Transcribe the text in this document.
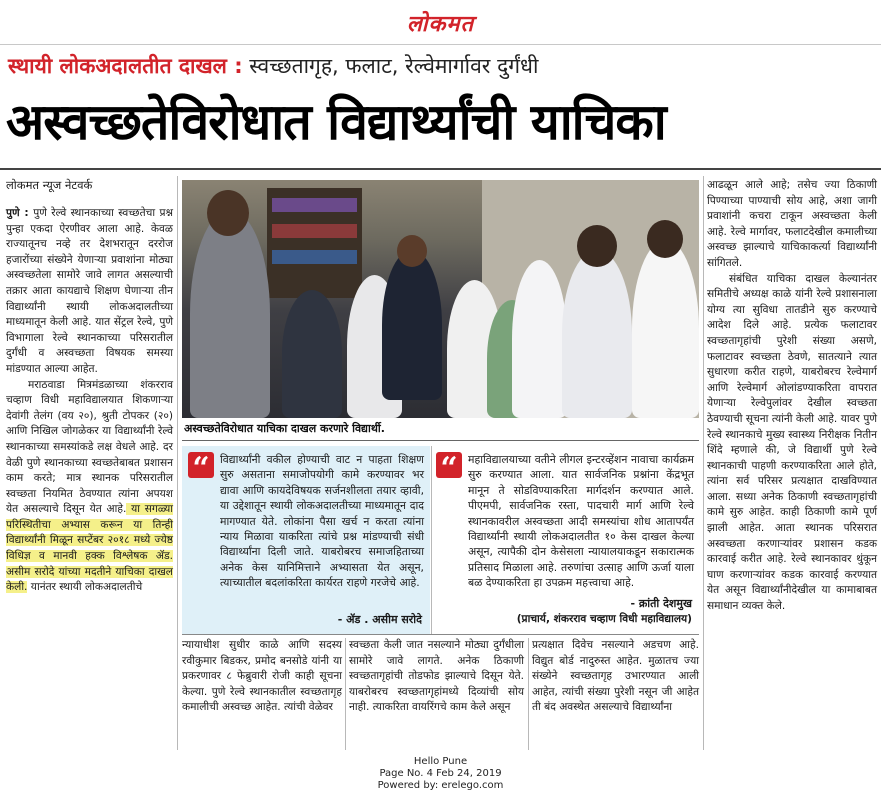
लोकमत
स्थायी लोकअदालतीत दाखल : स्वच्छतागृह, फलाट, रेल्वेमार्गावर दुर्गंधी
अस्वच्छतेविरोधात विद्यार्थ्यांची याचिका
लोकमत न्यूज नेटवर्क

पुणे : पुणे रेल्वे स्थानकाच्या स्वच्छतेचा प्रश्न पुन्हा एकदा ऐरणीवर आला आहे. केवळ राज्यातूनच नव्हे तर देशभरातून दररोज हजारोंच्या संख्येने येणाऱ्या प्रवाशांना मोठ्या अस्वच्छतेला सामोरे जावे लागत असल्याची तक्रार आता कायद्याचे शिक्षण घेणाऱ्या तीन विद्यार्थ्यांनी स्थायी लोकअदालतीच्या माध्यमातून केली आहे. यात सेंट्रल रेल्वे, पुणे विभागाला रेल्वे स्थानकाच्या परिसरातील दुर्गंधी व अस्वच्छता विषयक समस्या मांडण्यात आल्या आहेत.

मराठवाडा मित्रमंडळाच्या शंकरराव चव्हाण विधी महाविद्यालयात शिकणाऱ्या देवांगी तेलंग (वय २०), श्रुती टोपकर (२०) आणि निखिल जोगळेकर या विद्यार्थ्यांनी रेल्वे स्थानकाच्या समस्यांकडे लक्ष वेधले आहे. दर वेळी पुणे स्थानकाच्या स्वच्छतेबाबत प्रशासन काम करते; मात्र स्थानक परिसरातील स्वच्छता नियमित ठेवण्यात त्यांना अपयश येत असल्याचे दिसून येत आहे. या सगळ्या परिस्थितीचा अभ्यास करून या तिन्ही विद्यार्थ्यांनी मिळून सप्टेंबर २०१८ मध्ये ज्येष्ठ विधिज्ञ व मानवी हक्क विश्लेषक ॲड. असीम सरोदे यांच्या मदतीने याचिका दाखल केली. यानंतर स्थायी लोकअदालतीचे

अस्वच्छतेविरोधात याचिका दाखल करणारे विद्यार्थी.
“ विद्यार्थ्यांनी वकील होण्याची वाट न पाहता शिक्षण सुरु असताना समाजोपयोगी कामे करण्यावर भर द्यावा आणि कायदेविषयक सर्जनशीलता तयार व्हावी, या उद्देशातून स्थायी लोकअदालतीच्या माध्यमातून दाद मागण्यात येते. लोकांना पैसा खर्च न करता त्यांना न्याय मिळावा याकरिता त्यांचे प्रश्न मांडण्याची संधी विद्यार्थ्यांना दिली जाते. याबरोबरच समाजहिताच्या अनेक केस यानिमित्ताने अभ्यासता येत असून, त्याच्यातील बदलांकरिता कार्यरत राहणे गरजेचे आहे.
- ॲड . असीम सरोदे
“ महाविद्यालयाच्या वतीने लीगल इन्टरव्हेंशन नावाचा कार्यक्रम सुरु करण्यात आला. यात सार्वजनिक प्रश्नांना केंद्रभूत मानून ते सोडविण्याकरिता मार्गदर्शन करण्यात आले. पीएमपी, सार्वजनिक रस्ता, पादचारी मार्ग आणि रेल्वे स्थानकावरील अस्वच्छता आदी समस्यांचा शोध आतापर्यंत विद्यार्थ्यांनी स्थायी लोकअदालतीत १० केस दाखल केल्या असून, त्यापैकी दोन केसेसला न्यायालयाकडून सकारात्मक प्रतिसाद मिळाला आहे. तरुणांचा उत्साह आणि ऊर्जा याला बळ देण्याकरिता हा उपक्रम महत्त्वाचा आहे.
- क्रांती देशमुख
(प्राचार्य, शंकरराव चव्हाण विधी महाविद्यालय)
न्यायाधीश सुधीर काळे आणि सदस्य रवीकुमार बिडकर, प्रमोद बनसोडे यांनी या प्रकरणावर ८ फेब्रुवारी रोजी काही सूचना केल्या. पुणे रेल्वे स्थानकातील स्वच्छतागृह कमालीची अस्वच्छ आहेत. त्यांची वेळेवर
स्वच्छता केली जात नसल्याने मोठ्या दुर्गंधीला सामोरे जावे लागते. अनेक ठिकाणी स्वच्छतागृहांची तोडफोड झाल्याचे दिसून येते. याबरोबरच स्वच्छतागृहांमध्ये दिव्यांची सोय नाही. त्याकरिता वायरिंगचे काम केले असून
प्रत्यक्षात दिवेच नसल्याने अडचण आहे. विद्युत बोर्ड नादुरुस्त आहेत. मुळातच ज्या संख्येने स्वच्छतागृह उभारण्यात आली आहेत, त्यांची संख्या पुरेशी नसून जी आहेत ती बंद अवस्थेत असल्याचे विद्यार्थ्यांना

आढळून आले आहे; तसेच ज्या ठिकाणी पिण्याच्या पाण्याची सोय आहे, अशा जागी प्रवाशांनी कचरा टाकून अस्वच्छता केली आहे. रेल्वे मार्गावर, फलाटदेखील कमालीच्या अस्वच्छ झाल्याचे याचिकाकर्त्या विद्यार्थ्यांनी सांगितले.

संबंधित याचिका दाखल केल्यानंतर समितीचे अध्यक्ष काळे यांनी रेल्वे प्रशासनाला योग्य त्या सुविधा तातडीने सुरु करण्याचे आदेश दिले आहे. प्रत्येक फलाटावर स्वच्छतागृहांची पुरेशी संख्या असणे, फलाटावर स्वच्छता ठेवणे, सातत्याने त्यात सुधारणा करीत राहणे, याबरोबरच रेल्वेमार्ग आणि रेल्वेमार्ग ओलांडण्याकरिता वापरात येणाऱ्या रेल्वेपुलांवर देखील स्वच्छता ठेवण्याची सूचना त्यांनी केली आहे. यावर पुणे रेल्वे स्थानकाचे मुख्य स्वास्थ्य निरीक्षक नितीन शिंदे म्हणाले की, जे विद्यार्थी पुणे रेल्वे स्थानकाची पाहणी करण्याकरिता आले होते, त्यांना सर्व परिसर प्रत्यक्षात दाखविण्यात आला. सध्या अनेक ठिकाणी स्वच्छतागृहांची कामे सुरु आहेत. काही ठिकाणी कामे पूर्ण झाली आहेत. आता स्थानक परिसरात अस्वच्छता करणाऱ्यांवर प्रशासन कडक कारवाई करीत आहे. रेल्वे स्थानकावर थुंकून घाण करणाऱ्यांवर कडक कारवाई करण्यात येत असून विद्यार्थ्यांनीदेखील या कामाबाबत समाधान व्यक्त केले.

Hello Pune
Page No. 4 Feb 24, 2019
Powered by: erelego.com
